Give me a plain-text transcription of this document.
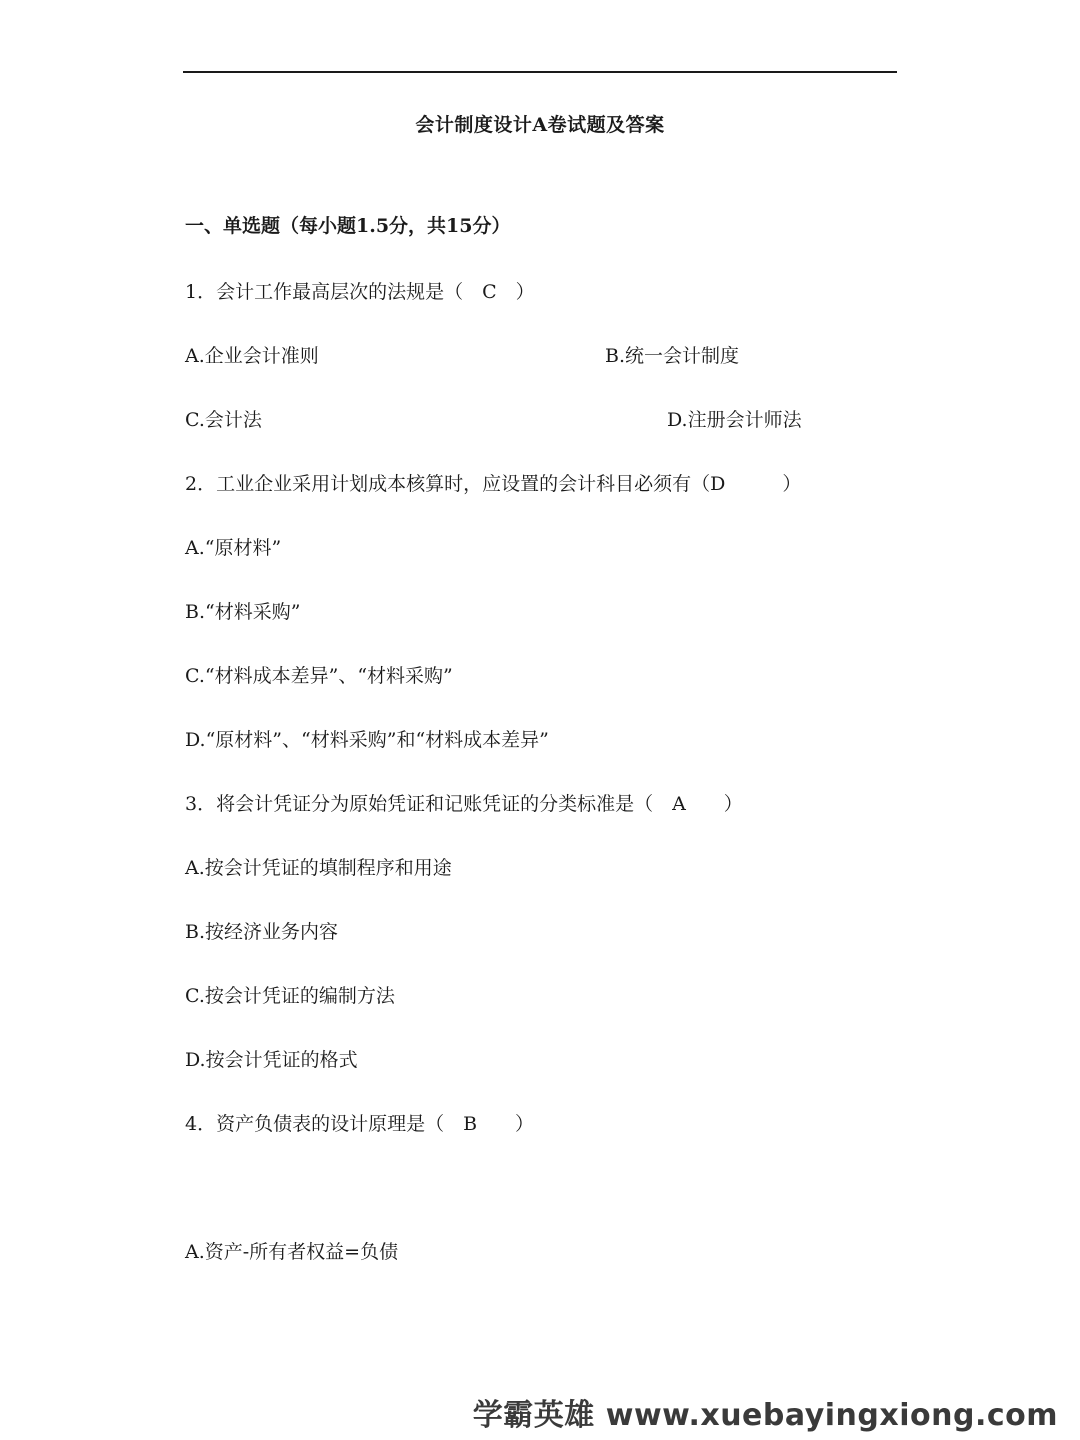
会计制度设计A卷试题及答案
一、单选题（每小题1.5分，共15分）
1．会计工作最高层次的法规是（　C　）
A.企业会计准则	B.统一会计制度
C.会计法	D.注册会计师法
2．工业企业采用计划成本核算时，应设置的会计科目必须有（D　　　）
A.“原材料”
B.“材料采购”
C.“材料成本差异”、“材料采购”
D.“原材料”、“材料采购”和“材料成本差异”
3．将会计凭证分为原始凭证和记账凭证的分类标准是（　A　　）
A.按会计凭证的填制程序和用途
B.按经济业务内容
C.按会计凭证的编制方法
D.按会计凭证的格式
4．资产负债表的设计原理是（　B　　）
A.资产-所有者权益=负债
学霸英雄 www.xuebayingxiong.com
